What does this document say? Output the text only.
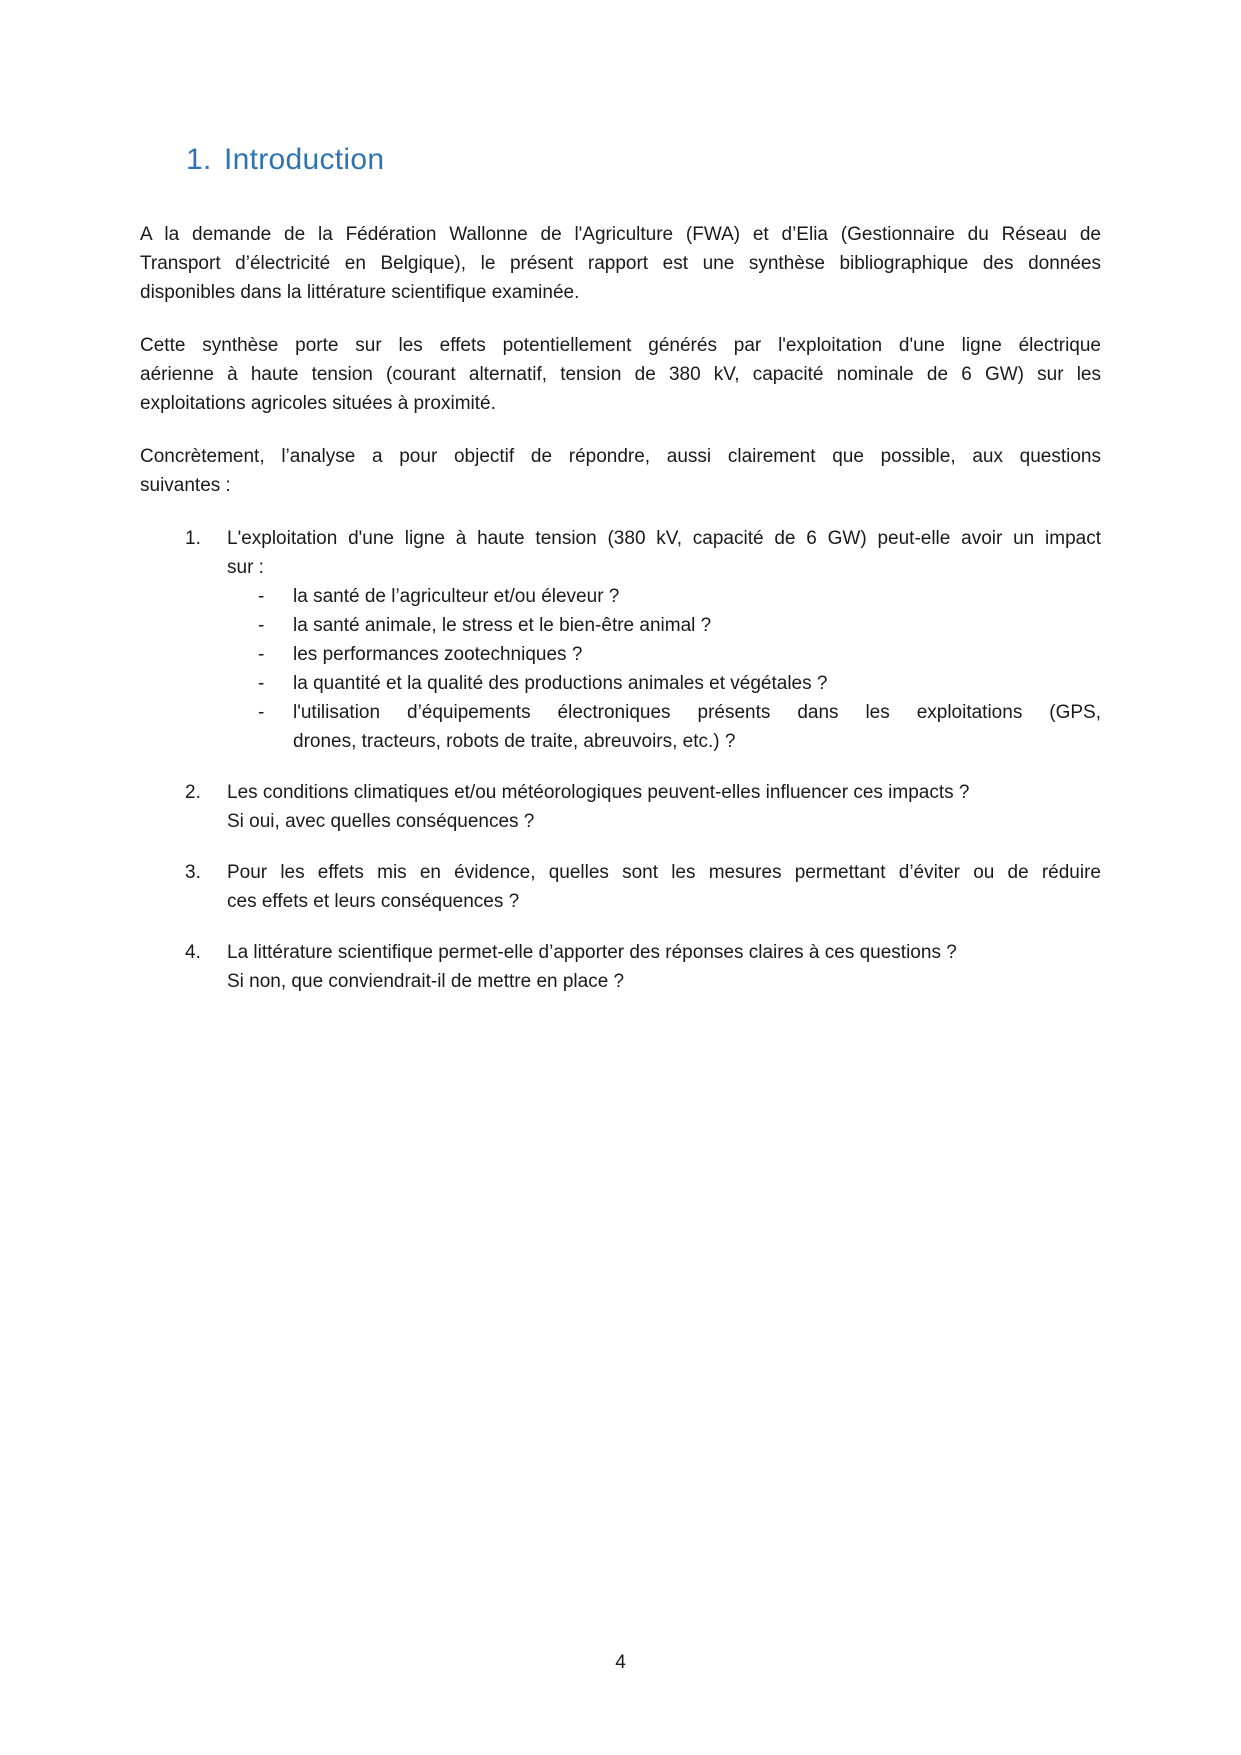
1. Introduction
A la demande de la Fédération Wallonne de l'Agriculture (FWA) et d’Elia (Gestionnaire du Réseau de
Transport d’électricité en Belgique), le présent rapport est une synthèse bibliographique des données
disponibles dans la littérature scientifique examinée.
Cette synthèse porte sur les effets potentiellement générés par l'exploitation d'une ligne électrique
aérienne à haute tension (courant alternatif, tension de 380 kV, capacité nominale de 6 GW) sur les
exploitations agricoles situées à proximité.
Concrètement, l’analyse a pour objectif de répondre, aussi clairement que possible, aux questions
suivantes :
1.	L'exploitation d'une ligne à haute tension (380 kV, capacité de 6 GW) peut-elle avoir un impact
sur :
-	la santé de l’agriculteur et/ou éleveur ?
-	la santé animale, le stress et le bien-être animal ?
-	les performances zootechniques ?
-	la quantité et la qualité des productions animales et végétales ?
-	l'utilisation d’équipements électroniques présents dans les exploitations (GPS,
drones, tracteurs, robots de traite, abreuvoirs, etc.) ?
2.	Les conditions climatiques et/ou météorologiques peuvent-elles influencer ces impacts ?
Si oui, avec quelles conséquences ?
3.	Pour les effets mis en évidence, quelles sont les mesures permettant d’éviter ou de réduire
ces effets et leurs conséquences ?
4.	La littérature scientifique permet-elle d’apporter des réponses claires à ces questions ?
Si non, que conviendrait-il de mettre en place ?
4
